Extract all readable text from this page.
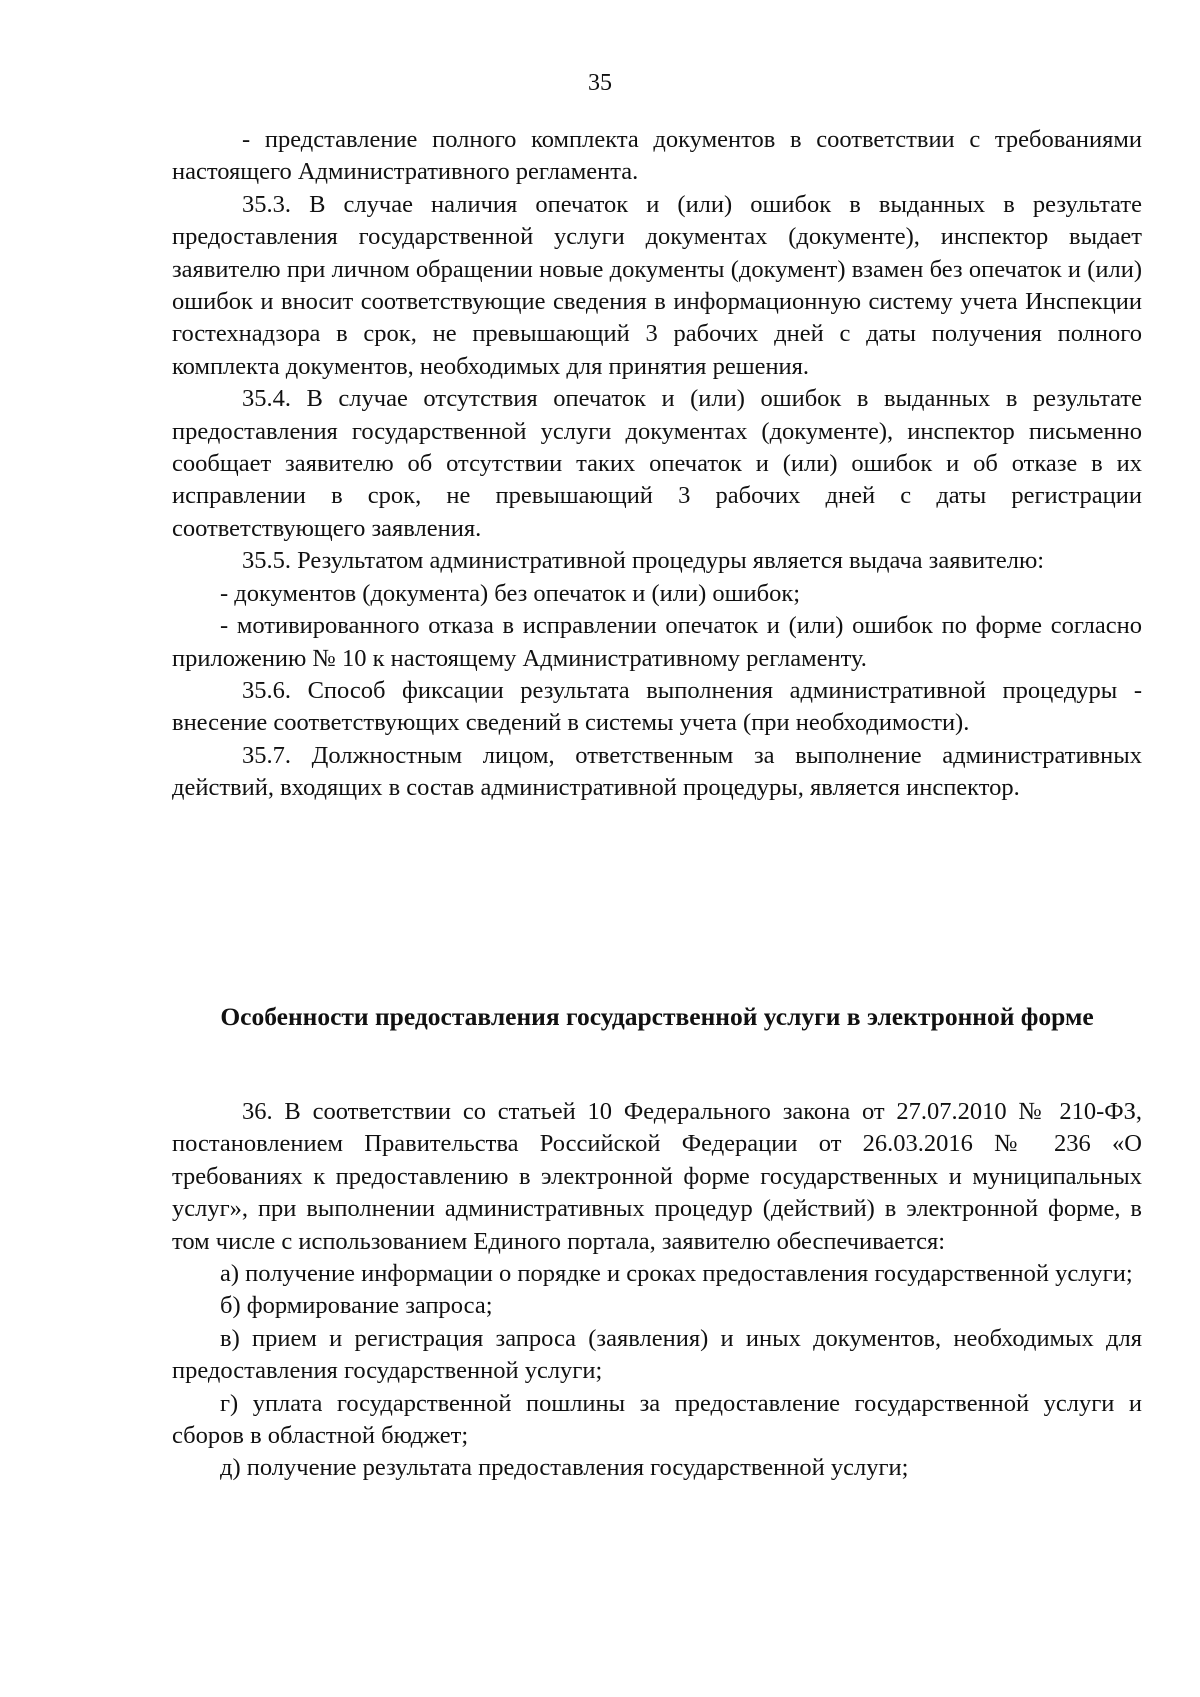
35

- представление полного комплекта документов в соответствии с требованиями настоящего Административного регламента.

35.3. В случае наличия опечаток и (или) ошибок в выданных в результате предоставления государственной услуги документах (документе), инспектор выдает заявителю при личном обращении новые документы (документ) взамен без опечаток и (или) ошибок и вносит соответствующие сведения в информационную систему учета Инспекции гостехнадзора в срок, не превышающий 3 рабочих дней с даты получения полного комплекта документов, необходимых для принятия решения.

35.4. В случае отсутствия опечаток и (или) ошибок в выданных в результате предоставления государственной услуги документах (документе), инспектор письменно сообщает заявителю об отсутствии таких опечаток и (или) ошибок и об отказе в их исправлении в срок, не превышающий 3 рабочих дней с даты регистрации соответствующего заявления.

35.5. Результатом административной процедуры является выдача заявителю:

- документов (документа) без опечаток и (или) ошибок;

- мотивированного отказа в исправлении опечаток и (или) ошибок по форме согласно приложению № 10 к настоящему Административному регламенту.

35.6. Способ фиксации результата выполнения административной процедуры - внесение соответствующих сведений в системы учета (при необходимости).

35.7. Должностным лицом, ответственным за выполнение административных действий, входящих в состав административной процедуры, является инспектор.

Особенности предоставления государственной услуги в электронной форме

36. В соответствии со статьей 10 Федерального закона от 27.07.2010 № 210-ФЗ, постановлением Правительства Российской Федерации от 26.03.2016 № 236 «О требованиях к предоставлению в электронной форме государственных и муниципальных услуг», при выполнении административных процедур (действий) в электронной форме, в том числе с использованием Единого портала, заявителю обеспечивается:

а) получение информации о порядке и сроках предоставления государственной услуги;

б) формирование запроса;

в) прием и регистрация запроса (заявления) и иных документов, необходимых для предоставления государственной услуги;

г) уплата государственной пошлины за предоставление государственной услуги и сборов в областной бюджет;

д) получение результата предоставления государственной услуги;
